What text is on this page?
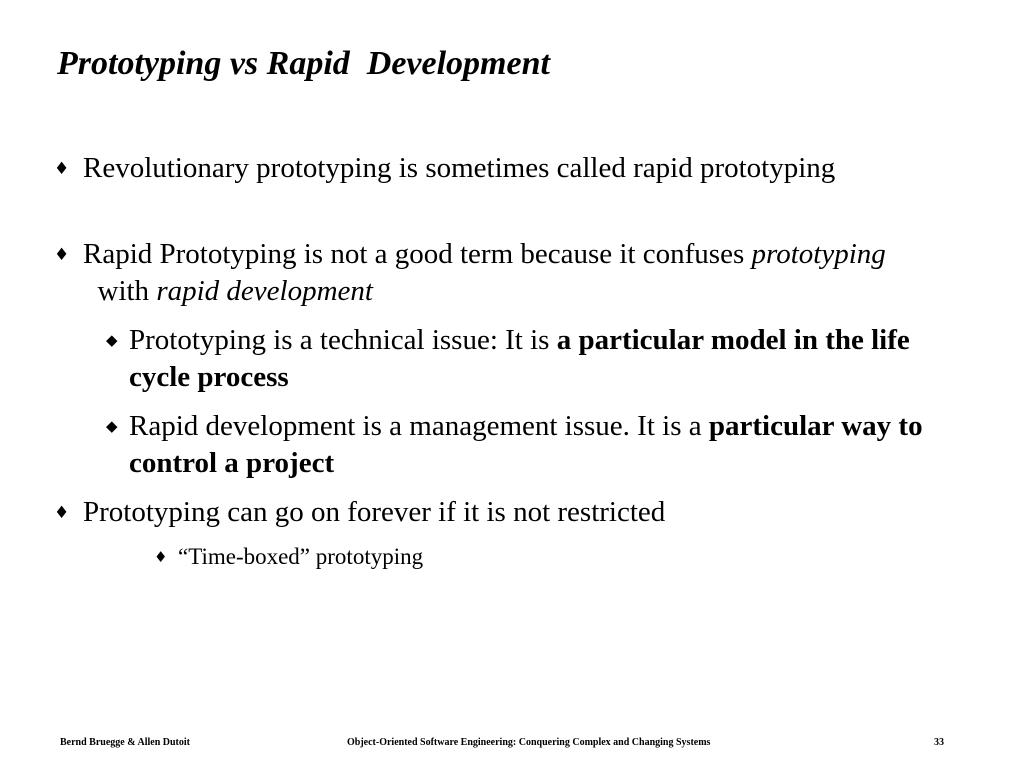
Prototyping vs Rapid  Development
♦ Revolutionary prototyping is sometimes called rapid prototyping
♦ Rapid Prototyping is not a good term because it confuses prototyping  with rapid development
◆ Prototyping is a technical issue: It is a particular model in the life cycle process
◆ Rapid development is a management issue. It is a particular way to control a project
♦ Prototyping can go on forever if it is not restricted
♦ “Time-boxed” prototyping
Bernd Bruegge & Allen Dutoit	Object-Oriented Software Engineering: Conquering Complex and Changing Systems	33
